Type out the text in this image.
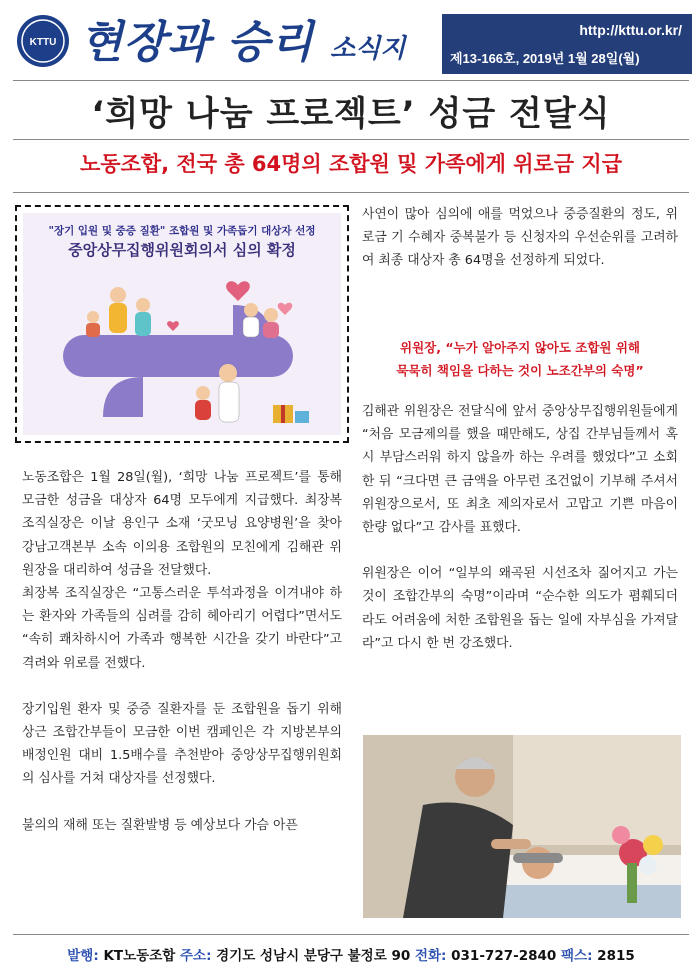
KTTU 현장과 승리 소식지
http://kttu.or.kr/
제13-166호, 2019년 1월 28일(월)
‘희망 나눔 프로젝트’ 성금 전달식
노동조합, 전국 총 64명의 조합원 및 가족에게 위로금 지급
"장기 입원 및 중증 질환" 조합원 및 가족돕기 대상자 선정
중앙상무집행위원회의서 심의 확정

노동조합은 1월 28일(월), ‘희망 나눔 프로젝트’를 통해 모금한 성금을 대상자 64명 모두에게 지급했다. 최장복 조직실장은 이날 용인구 소재 ‘굿모닝 요양병원’을 찾아 강남고객본부 소속 이의용 조합원의 모친에게 김해관 위원장을 대리하여 성금을 전달했다.

최장복 조직실장은 “고통스러운 투석과정을 이겨내야 하는 환자와 가족들의 심려를 감히 헤아리기 어렵다”면서도 “속히 쾌차하시어 가족과 행복한 시간을 갖기 바란다”고 격려와 위로를 전했다.

장기입원 환자 및 중증 질환자를 둔 조합원을 돕기 위해 상근 조합간부들이 모금한 이번 캠페인은 각 지방본부의 배정인원 대비 1.5배수를 추천받아 중앙상무집행위원회의 심사를 거쳐 대상자를 선정했다.

불의의 재해 또는 질환발병 등 예상보다 가슴 아픈

사연이 많아 심의에 애를 먹었으나 중증질환의 정도, 위로금 기 수혜자 중복불가 등 신청자의 우선순위를 고려하여 최종 대상자 총 64명을 선정하게 되었다.

위원장, “누가 알아주지 않아도 조합원 위해
묵묵히 책임을 다하는 것이 노조간부의 숙명”

김해관 위원장은 전달식에 앞서 중앙상무집행위원들에게 “처음 모금제의를 했을 때만해도, 상집 간부님들께서 혹시 부담스러워 하지 않을까 하는 우려를 했었다”고 소회한 뒤 “크다면 큰 금액을 아무런 조건없이 기부해 주셔서 위원장으로서, 또 최초 제의자로서 고맙고 기쁜 마음이 한량 없다”고 감사를 표했다.

위원장은 이어 “일부의 왜곡된 시선조차 짊어지고 가는 것이 조합간부의 숙명”이라며 “순수한 의도가 폄훼되더라도 어려움에 처한 조합원을 돕는 일에 자부심을 가져달라”고 다시 한 번 강조했다.

발행: KT노동조합 주소: 경기도 성남시 분당구 불정로 90 전화: 031-727-2840 팩스: 2815
